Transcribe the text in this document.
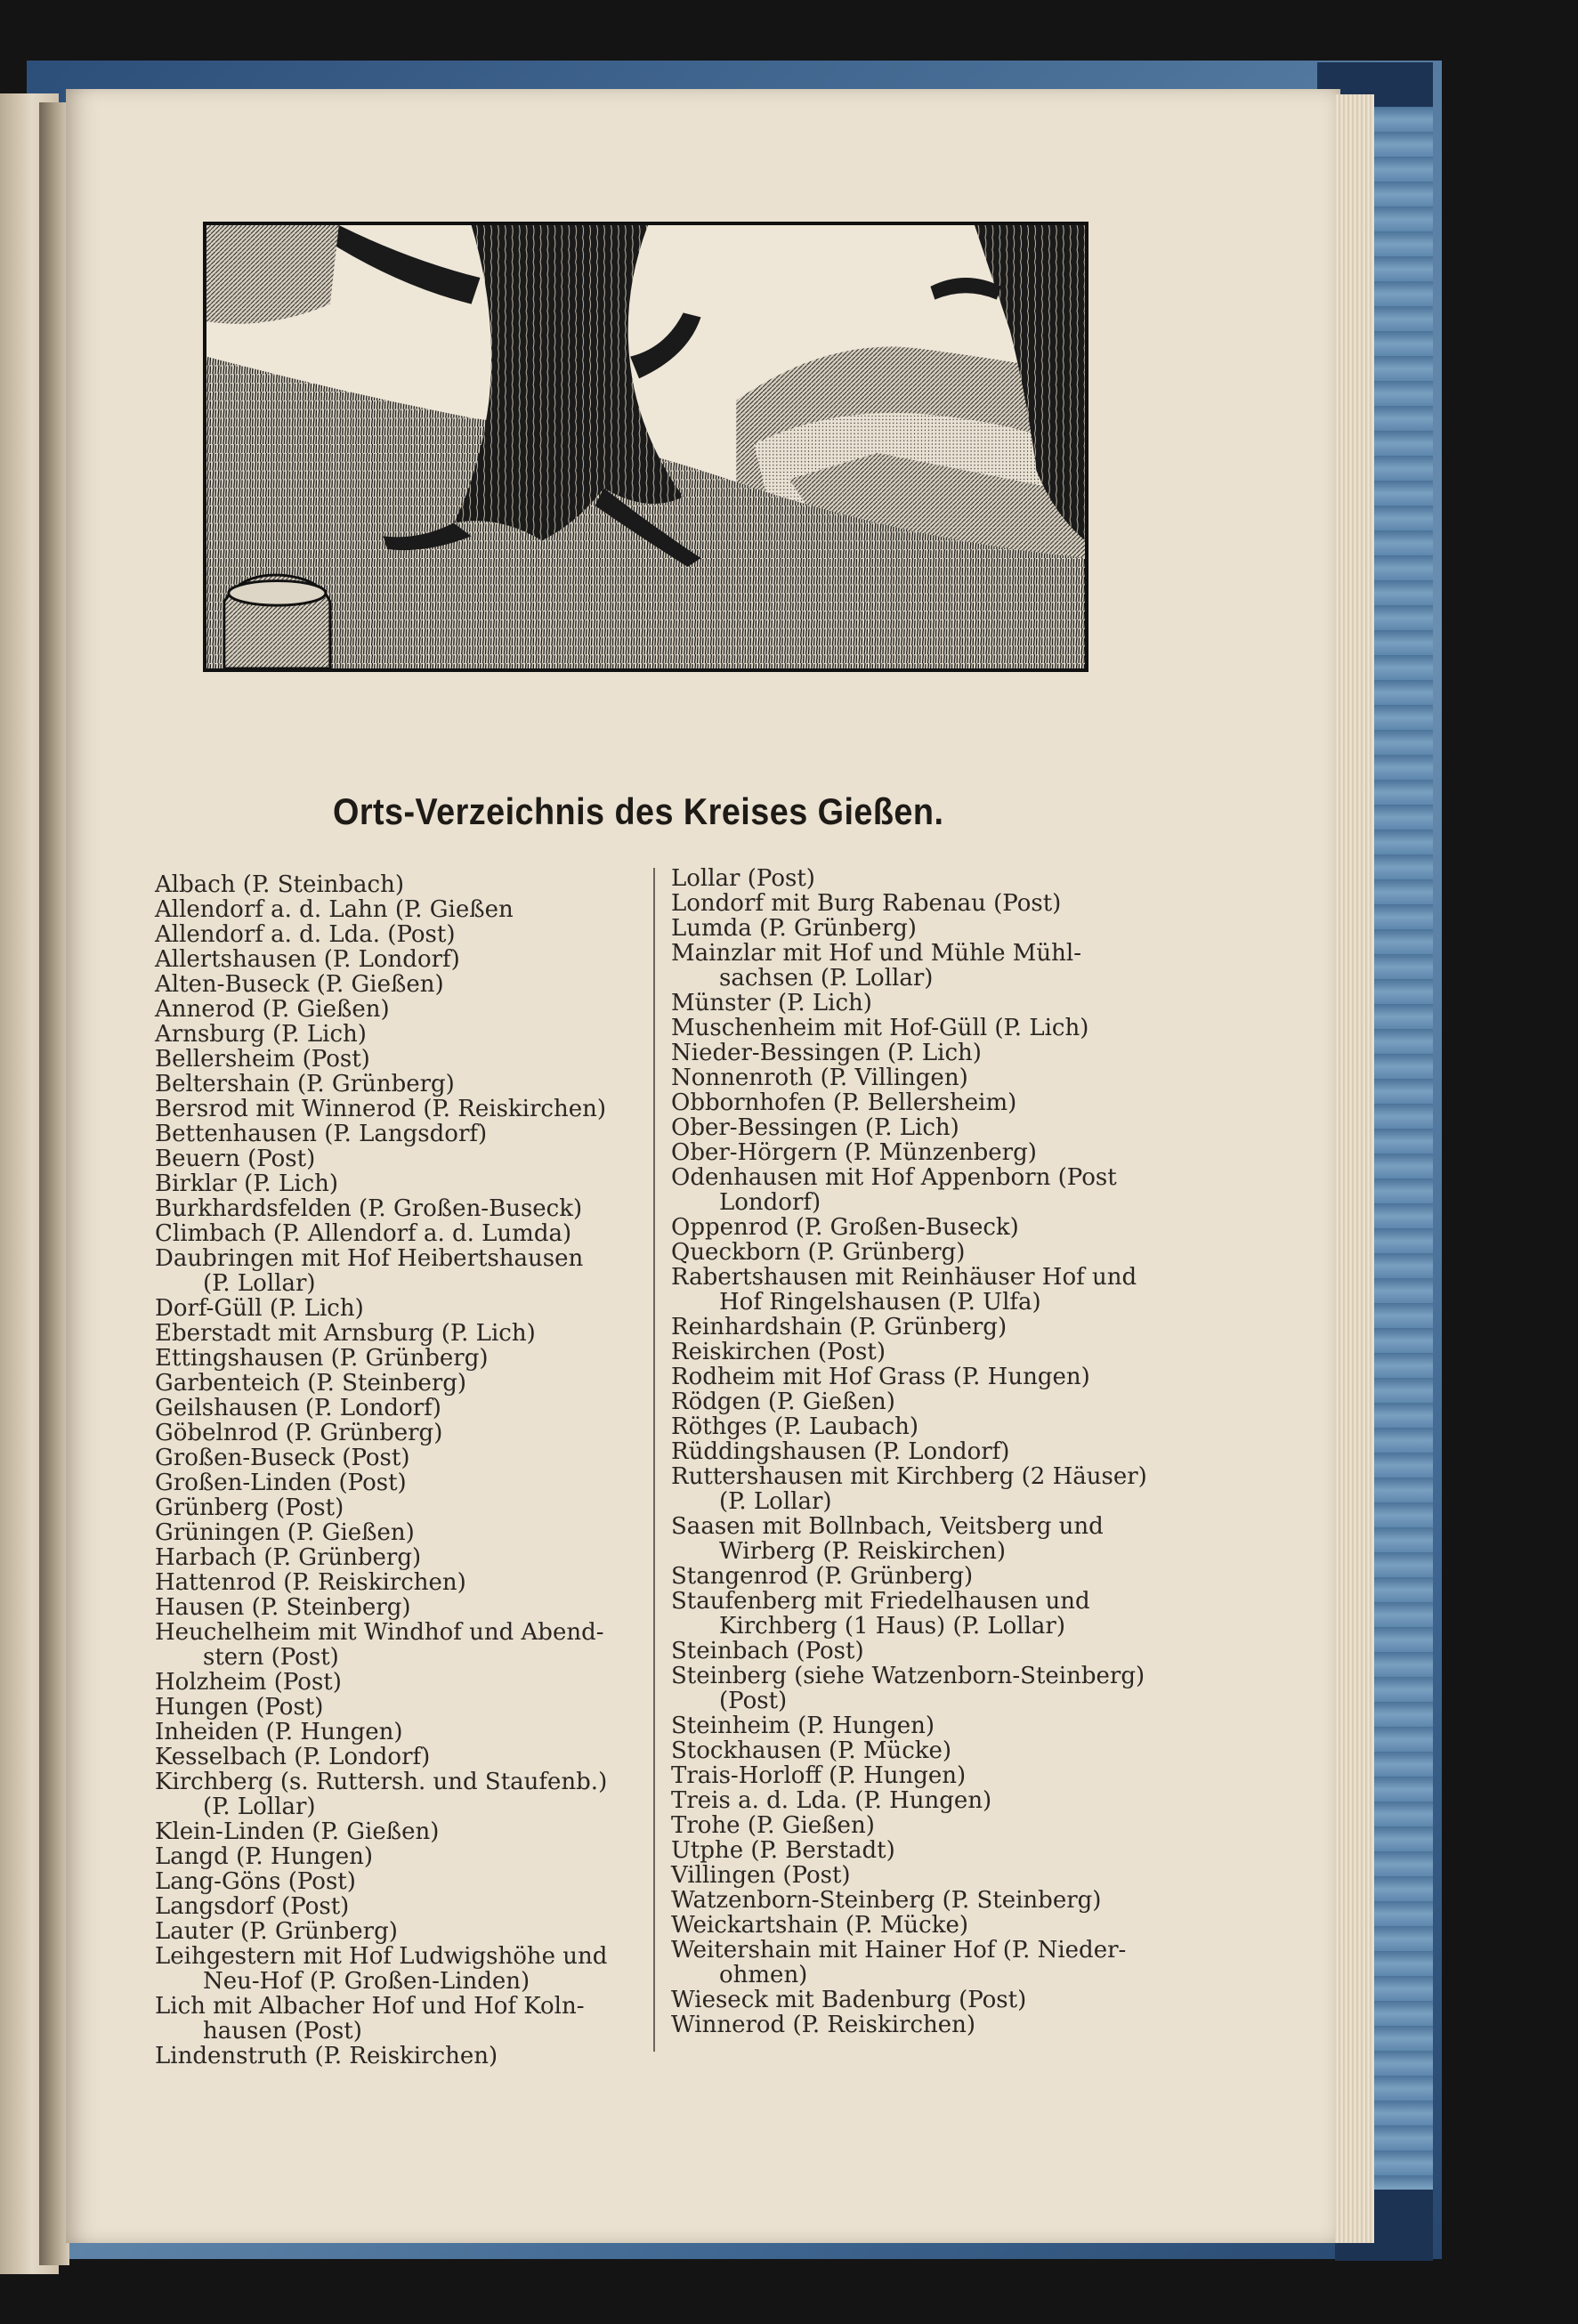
Orts-Verzeichnis des Kreises Gießen.
Albach (P. Steinbach)
Allendorf a. d. Lahn (P. Gießen
Allendorf a. d. Lda. (Post)
Allertshausen (P. Londorf)
Alten-Buseck (P. Gießen)
Annerod (P. Gießen)
Arnsburg (P. Lich)
Bellersheim (Post)
Beltershain (P. Grünberg)
Bersrod mit Winnerod (P. Reiskirchen)
Bettenhausen (P. Langsdorf)
Beuern (Post)
Birklar (P. Lich)
Burkhardsfelden (P. Großen-Buseck)
Climbach (P. Allendorf a. d. Lumda)
Daubringen mit Hof Heibertshausen
(P. Lollar)
Dorf-Güll (P. Lich)
Eberstadt mit Arnsburg (P. Lich)
Ettingshausen (P. Grünberg)
Garbenteich (P. Steinberg)
Geilshausen (P. Londorf)
Göbelnrod (P. Grünberg)
Großen-Buseck (Post)
Großen-Linden (Post)
Grünberg (Post)
Grüningen (P. Gießen)
Harbach (P. Grünberg)
Hattenrod (P. Reiskirchen)
Hausen (P. Steinberg)
Heuchelheim mit Windhof und Abend-
stern (Post)
Holzheim (Post)
Hungen (Post)
Inheiden (P. Hungen)
Kesselbach (P. Londorf)
Kirchberg (s. Ruttersh. und Staufenb.)
(P. Lollar)
Klein-Linden (P. Gießen)
Langd (P. Hungen)
Lang-Göns (Post)
Langsdorf (Post)
Lauter (P. Grünberg)
Leihgestern mit Hof Ludwigshöhe und
Neu-Hof (P. Großen-Linden)
Lich mit Albacher Hof und Hof Koln-
hausen (Post)
Lindenstruth (P. Reiskirchen)
Lollar (Post)
Londorf mit Burg Rabenau (Post)
Lumda (P. Grünberg)
Mainzlar mit Hof und Mühle Mühl-
sachsen (P. Lollar)
Münster (P. Lich)
Muschenheim mit Hof-Güll (P. Lich)
Nieder-Bessingen (P. Lich)
Nonnenroth (P. Villingen)
Obbornhofen (P. Bellersheim)
Ober-Bessingen (P. Lich)
Ober-Hörgern (P. Münzenberg)
Odenhausen mit Hof Appenborn (Post
Londorf)
Oppenrod (P. Großen-Buseck)
Queckborn (P. Grünberg)
Rabertshausen mit Reinhäuser Hof und
Hof Ringelshausen (P. Ulfa)
Reinhardshain (P. Grünberg)
Reiskirchen (Post)
Rodheim mit Hof Grass (P. Hungen)
Rödgen (P. Gießen)
Röthges (P. Laubach)
Rüddingshausen (P. Londorf)
Ruttershausen mit Kirchberg (2 Häuser)
(P. Lollar)
Saasen mit Bollnbach, Veitsberg und
Wirberg (P. Reiskirchen)
Stangenrod (P. Grünberg)
Staufenberg mit Friedelhausen und
Kirchberg (1 Haus) (P. Lollar)
Steinbach (Post)
Steinberg (siehe Watzenborn-Steinberg)
(Post)
Steinheim (P. Hungen)
Stockhausen (P. Mücke)
Trais-Horloff (P. Hungen)
Treis a. d. Lda. (P. Hungen)
Trohe (P. Gießen)
Utphe (P. Berstadt)
Villingen (Post)
Watzenborn-Steinberg (P. Steinberg)
Weickartshain (P. Mücke)
Weitershain mit Hainer Hof (P. Nieder-
ohmen)
Wieseck mit Badenburg (Post)
Winnerod (P. Reiskirchen)
